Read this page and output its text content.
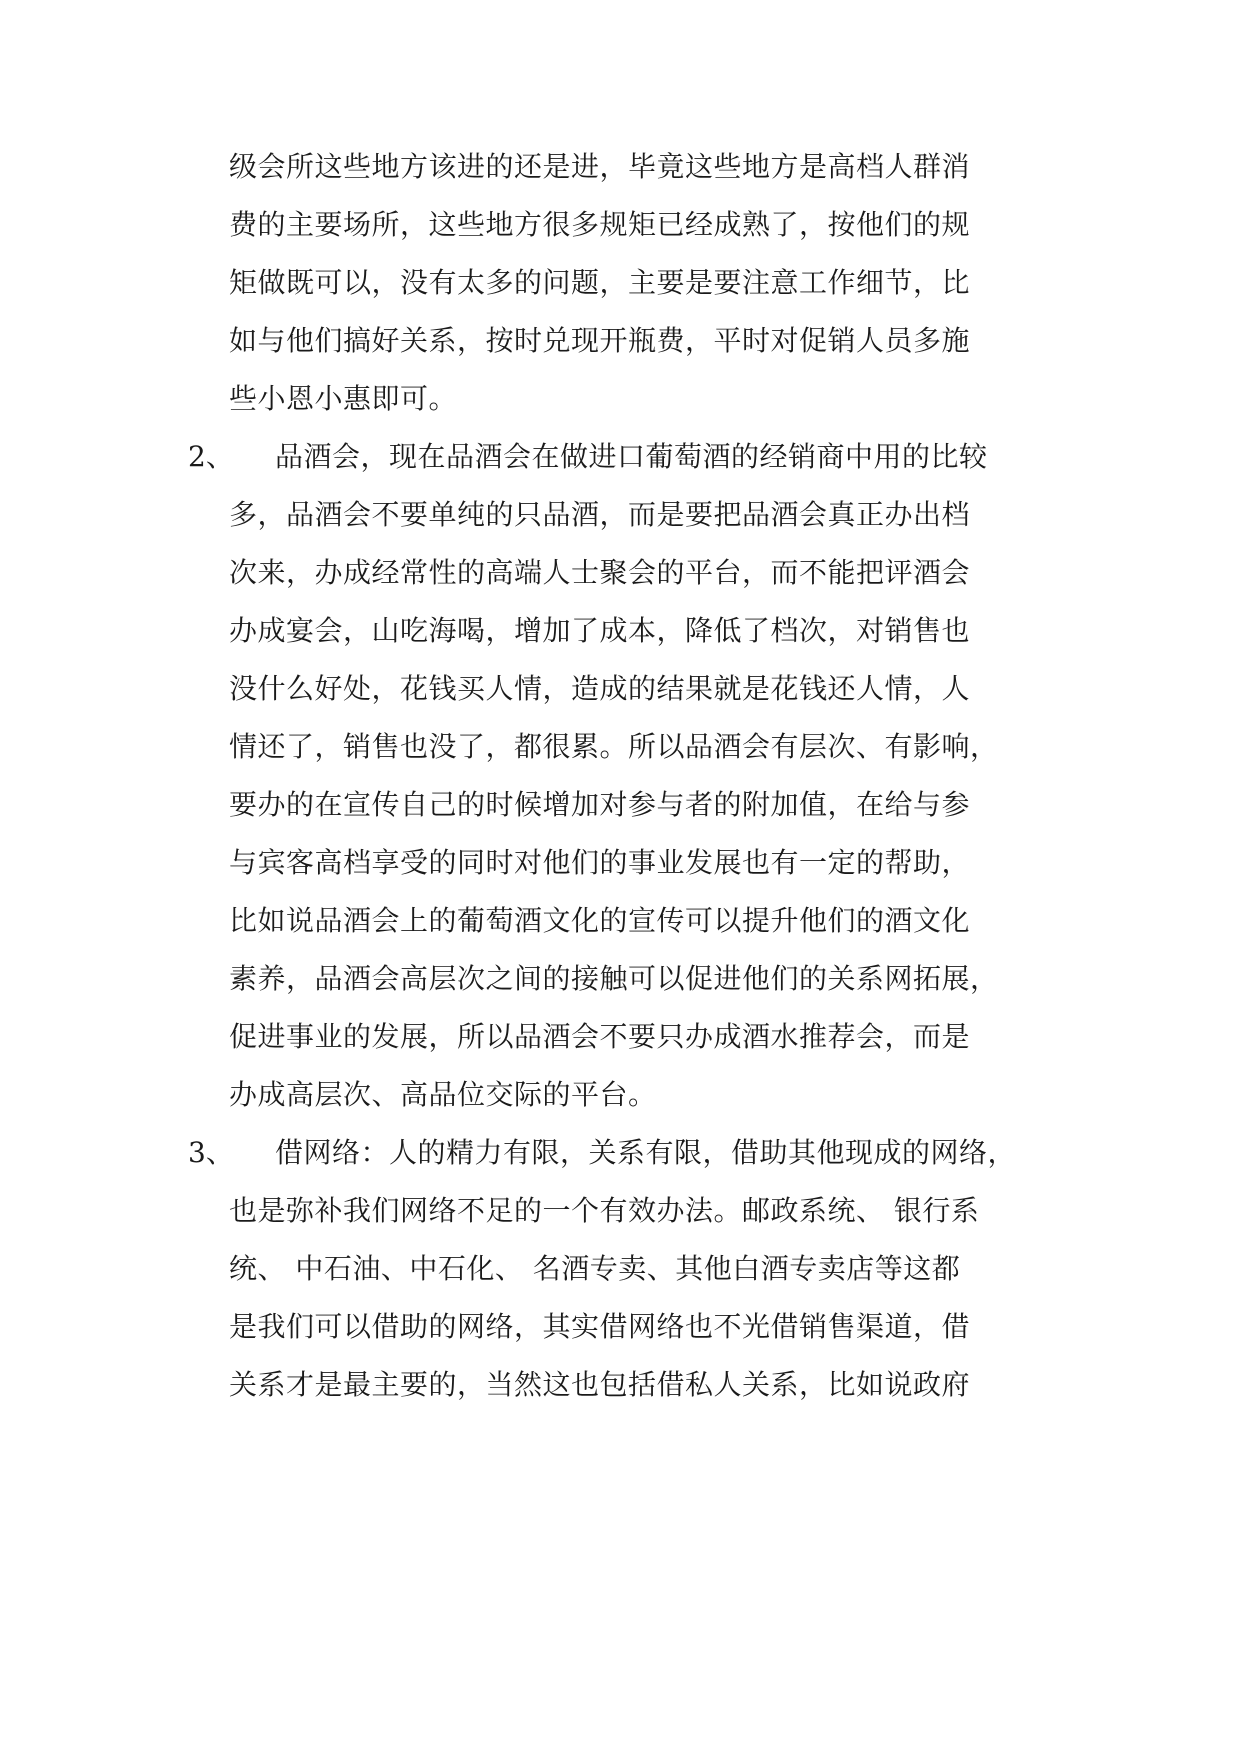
级会所这些地方该进的还是进，毕竟这些地方是高档人群消
费的主要场所，这些地方很多规矩已经成熟了，按他们的规
矩做既可以，没有太多的问题，主要是要注意工作细节，比
如与他们搞好关系，按时兑现开瓶费，平时对促销人员多施
些小恩小惠即可。
2、 品酒会，现在品酒会在做进口葡萄酒的经销商中用的比较
多，品酒会不要单纯的只品酒，而是要把品酒会真正办出档
次来，办成经常性的高端人士聚会的平台，而不能把评酒会
办成宴会，山吃海喝，增加了成本，降低了档次，对销售也
没什么好处，花钱买人情，造成的结果就是花钱还人情，人
情还了，销售也没了，都很累。所以品酒会有层次、有影响，
要办的在宣传自己的时候增加对参与者的附加值，在给与参
与宾客高档享受的同时对他们的事业发展也有一定的帮助，
比如说品酒会上的葡萄酒文化的宣传可以提升他们的酒文化
素养，品酒会高层次之间的接触可以促进他们的关系网拓展，
促进事业的发展，所以品酒会不要只办成酒水推荐会，而是
办成高层次、高品位交际的平台。
3、 借网络：人的精力有限，关系有限，借助其他现成的网络，
也是弥补我们网络不足的一个有效办法。邮政系统、 银行系
统、 中石油、中石化、 名酒专卖、其他白酒专卖店等这都
是我们可以借助的网络，其实借网络也不光借销售渠道，借
关系才是最主要的，当然这也包括借私人关系，比如说政府
